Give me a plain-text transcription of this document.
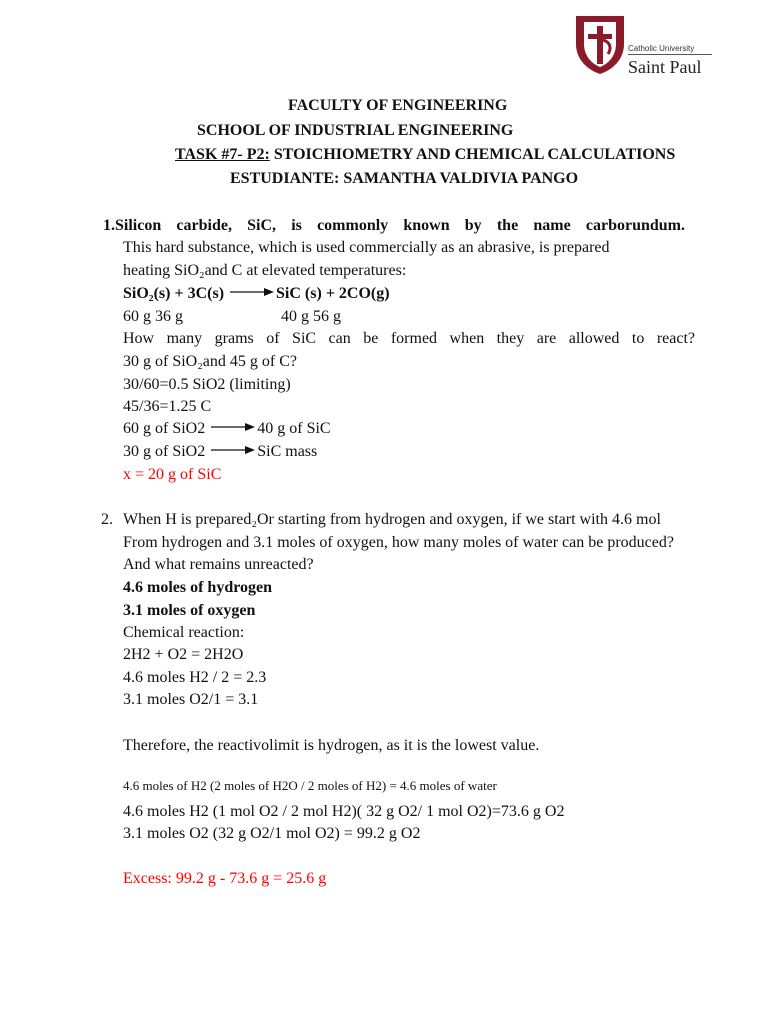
Catholic University
Saint Paul
FACULTY OF ENGINEERING
SCHOOL OF INDUSTRIAL ENGINEERING
TASK #7- P2: STOICHIOMETRY AND CHEMICAL CALCULATIONS
ESTUDIANTE: SAMANTHA VALDIVIA PANGO
1.Silicon carbide, SiC, is commonly known by the name carborundum.
This hard substance, which is used commercially as an abrasive, is prepared
heating SiO₂and C at elevated temperatures:
SiO₂(s) + 3C(s) → SiC (s) + 2CO(g)
60 g 36 g	40 g 56 g
How many grams of SiC can be formed when they are allowed to react?
30 g of SiO₂and 45 g of C?
30/60=0.5 SiO2 (limiting)
45/36=1.25 C
60 g of SiO2	40 g of SiC
30 g of SiO2	SiC mass
x = 20 g of SiC
2. When H is prepared₂Or starting from hydrogen and oxygen, if we start with 4.6 mol
From hydrogen and 3.1 moles of oxygen, how many moles of water can be produced?
And what remains unreacted?
4.6 moles of hydrogen
3.1 moles of oxygen
Chemical reaction:
2H2 + O2 = 2H2O
4.6 moles H2 / 2 = 2.3
3.1 moles O2/1 = 3.1
Therefore, the reactivolimit is hydrogen, as it is the lowest value.
4.6 moles of H2 (2 moles of H2O / 2 moles of H2) = 4.6 moles of water
4.6 moles H2 (1 mol O2 / 2 mol H2)( 32 g O2/ 1 mol O2)=73.6 g O2
3.1 moles O2 (32 g O2/1 mol O2) = 99.2 g O2
Excess: 99.2 g - 73.6 g = 25.6 g
